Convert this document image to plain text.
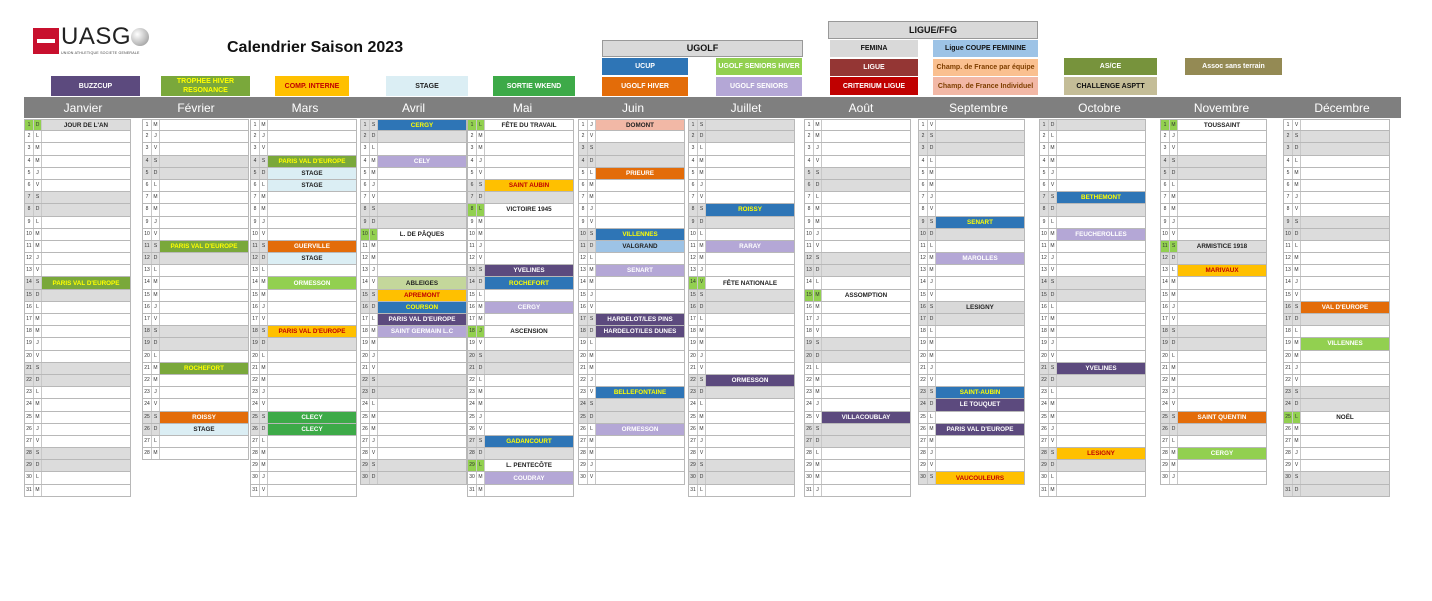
UASG
UNION ATHLETIQUE SOCIETE GENERALE	Calendrier Saison 2023
BUZZCUP
TROPHEE HIVER RESONANCE
COMP. INTERNE	STAGE	SORTIE WKEND
UGOLF
UCUP	UGOLF SENIORS HIVER
UGOLF HIVER	UGOLF SENIORS
LIGUE/FFG
FEMINA	Ligue COUPE FEMININE
LIGUE	Champ. de France par équipe
CRITERIUM LIGUE	Champ. de France Individuel
AS/CE	Assoc sans terrain
CHALLENGE ASPTT
Janvier	Février	Mars	Avril	Mai	Juin	Juillet	Août	Septembre	Octobre	Novembre	Décembre
1	D	JOUR DE L'AN
2	L
3	M
4	M
5	J
6	V
7	S
8	D
9	L
10 M
11 M
12 J
13 V
14 S	PARIS VAL D'EUROPE
15 D
16 L
17 M
18 M
19 J
20 V
21 S
22 D
23 L
24 M
25 M
26 J
27 V
28 S
29 D
30 L
31 M
1	M
2	J
3	V
4	S
5	D
6	L
7	M
8	M
9	J
10 V
11 S	PARIS VAL D'EUROPE
12 D
13 L
14 M
15 M
16 J
17 V
18 S
19 D
20 L
21 M	ROCHEFORT
22 M
23 J
24 V
25 S	ROISSY
26 D	STAGE
27 L
28 M
1	M
2	J
3	V
4	S	PARIS VAL D'EUROPE
5	D	STAGE
6	L	STAGE
7	M
8	M
9	J
10 V
11 S	GUERVILLE
12 D	STAGE
13 L
14 M	ORMESSON
15 M
16 J
17 V
18 S	PARIS VAL D'EUROPE
19 D
20 L
21 M
22 M
23 J
24 V
25 S	CLECY
26 D	CLECY
27 L
28 M
29 M
30 J
31 V
1	S	CERGY
2	D
3	L
4	M	CELY
5	M
6	J
7	V
8	S
9	D
10 L	L. DE PÂQUES
11 M
12 M
13 J
14 V	ABLEIGES
15 S	APREMONT
16 D	COURSON
17 L	PARIS VAL D'EUROPE
18 M	SAINT GERMAIN L.C
19 M
20 J
21 V
22 S
23 D
24 L
25 M
26 M
27 J
28 V
29 S
30 D
1	L	FÊTE DU TRAVAIL
2	M
3	M
4	J
5	V
6	S	SAINT AUBIN
7	D
8	L	VICTOIRE 1945
9	M
10 M
11 J
12 V
13 S	YVELINES
14 D	ROCHEFORT
15 L
16 M	CERGY
17 M
18 J	ASCENSION
19 V
20 S
21 D
22 L
23 M
24 M
25 J
26 V
27 S	GADANCOURT
28 D
29 L	L. PENTECÔTE
30 M	COUDRAY
31 M
1	J	DOMONT
2	V
3	S
4	D
5	L	PRIEURE
6	M
7	M
8	J
9	V
10 S	VILLENNES
11 D	VALGRAND
12 L
13 M	SENART
14 M
15 J
16 V
17 S	HARDELOT/LES PINS
18 D	HARDELOT/LES DUNES
19 L
20 M
21 M
22 J
23 V	BELLEFONTAINE
24 S
25 D
26 L	ORMESSON
27 M
28 M
29 J
30 V
1	S
2	D
3	L
4	M
5	M
6	J
7	V
8	S	ROISSY
9	D
10 L
11 M	RARAY
12 M
13 J
14 V	FÊTE NATIONALE
15 S
16 D
17 L
18 M
19 M
20 J
21 V
22 S	ORMESSON
23 D
24 L
25 M
26 M
27 J
28 V
29 S
30 D
31 L
1	M
2	M
3	J
4	V
5	S
6	D
7	L
8	M
9	M
10 J
11 V
12 S
13 D
14 L
15 M	ASSOMPTION
16 M
17 J
18 V
19 S
20 D
21 L
22 M
23 M
24 J
25 V	VILLACOUBLAY
26 S
27 D
28 L
29 M
30 M
31 J
1	V
2	S
3	D
4	L
5	M
6	M
7	J
8	V
9	S	SENART
10 D
11 L
12 M	MAROLLES
13 M
14 J
15 V
16 S	LESIGNY
17 D
18 L
19 M
20 M
21 J
22 V
23 S	SAINT-AUBIN
24 D	LE TOUQUET
25 L
26 M	PARIS VAL D'EUROPE
27 M
28 J
29 V
30 S	VAUCOULEURS
1	D
2	L
3	M
4	M
5	J
6	V
7	S	BETHEMONT
8	D
9	L
10 M	FEUCHEROLLES
11 M
12 J
13 V
14 S
15 D
16 L
17 M
18 M
19 J
20 V
21 S	YVELINES
22 D
23 L
24 M
25 M
26 J
27 V
28 S	LESIGNY
29 D
30 L
31 M
1	M	TOUSSAINT
2	J
3	V
4	S
5	D
6	L
7	M
8	M
9	J
10 V
11 S	ARMISTICE 1918
12 D
13 L	MARIVAUX
14 M
15 M
16 J
17 V
18 S
19 D
20 L
21 M
22 M
23 J
24 V
25 S	SAINT QUENTIN
26 D
27 L
28 M	CERGY
29 M
30 J
1	V
2	S
3	D
4	L
5	M
6	M
7	J
8	V
9	S
10 D
11 L
12 M
13 M
14 J
15 V
16 S	VAL D'EUROPE
17 D
18 L
19 M	VILLENNES
20 M
21 J
22 V
23 S
24 D
25 L	NOËL
26 M
27 M
28 J
29 V
30 S
31 D
